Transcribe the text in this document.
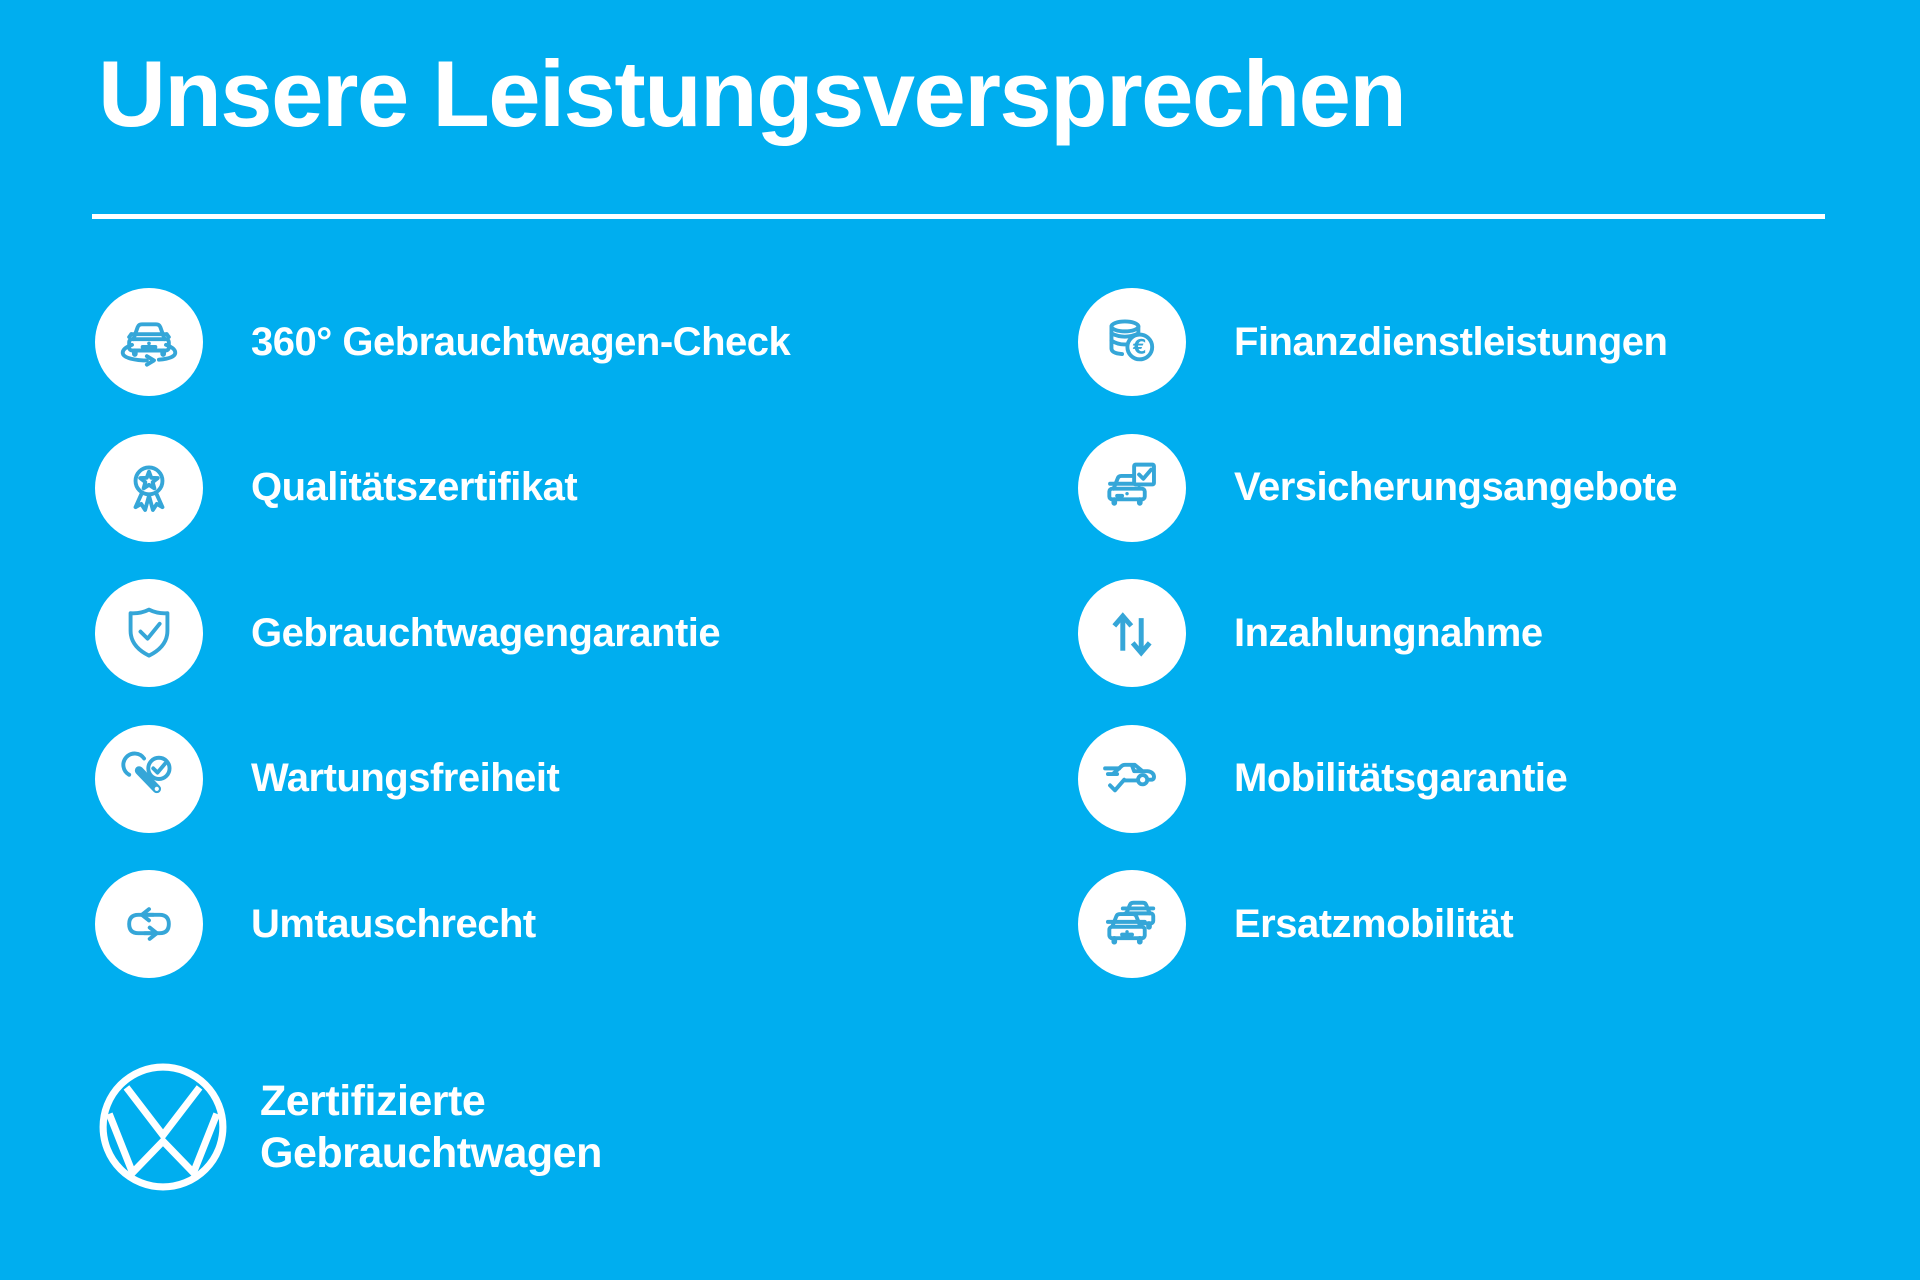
Unsere Leistungsversprechen
360° Gebrauchtwagen-Check
Qualitätszertifikat
Gebrauchtwagengarantie
Wartungsfreiheit
Umtauschrecht
€ Finanzdienstleistungen
Versicherungsangebote
Inzahlungnahme
Mobilitätsgarantie
Ersatzmobilität
Zertifizierte
Gebrauchtwagen
